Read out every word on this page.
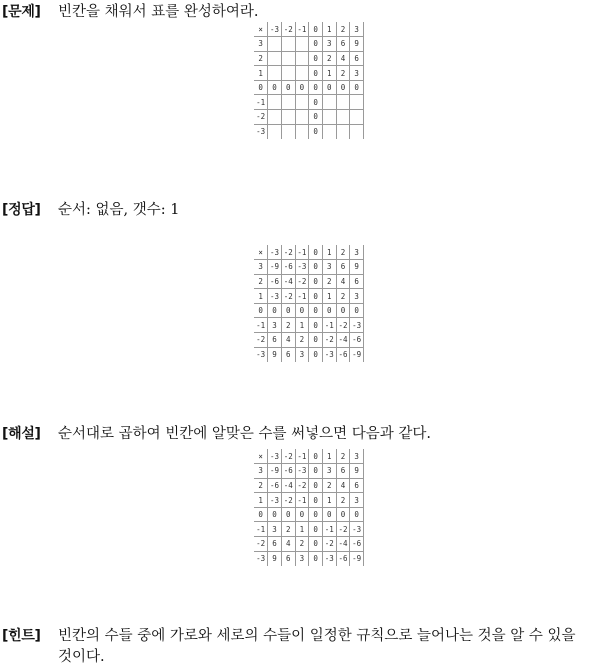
[문제] 빈칸을 채워서 표를 완성하여라.
×	-3	-2	-1	0	1	2	3
3				0	3	6	9
2				0	2	4	6
1				0	1	2	3
0	0	0	0	0	0	0	0
-1				0			
-2				0			
-3				0			
[정답] 순서: 없음, 갯수: 1
×	-3	-2	-1	0	1	2	3
3	-9	-6	-3	0	3	6	9
2	-6	-4	-2	0	2	4	6
1	-3	-2	-1	0	1	2	3
0	0	0	0	0	0	0	0
-1	3	2	1	0	-1	-2	-3
-2	6	4	2	0	-2	-4	-6
-3	9	6	3	0	-3	-6	-9
[해설] 순서대로 곱하여 빈칸에 알맞은 수를 써넣으면 다음과 같다.
×	-3	-2	-1	0	1	2	3
3	-9	-6	-3	0	3	6	9
2	-6	-4	-2	0	2	4	6
1	-3	-2	-1	0	1	2	3
0	0	0	0	0	0	0	0
-1	3	2	1	0	-1	-2	-3
-2	6	4	2	0	-2	-4	-6
-3	9	6	3	0	-3	-6	-9
[힌트] 빈칸의 수들 중에 가로와 세로의 수들이 일정한 규칙으로 늘어나는 것을 알 수 있을 것이다.
